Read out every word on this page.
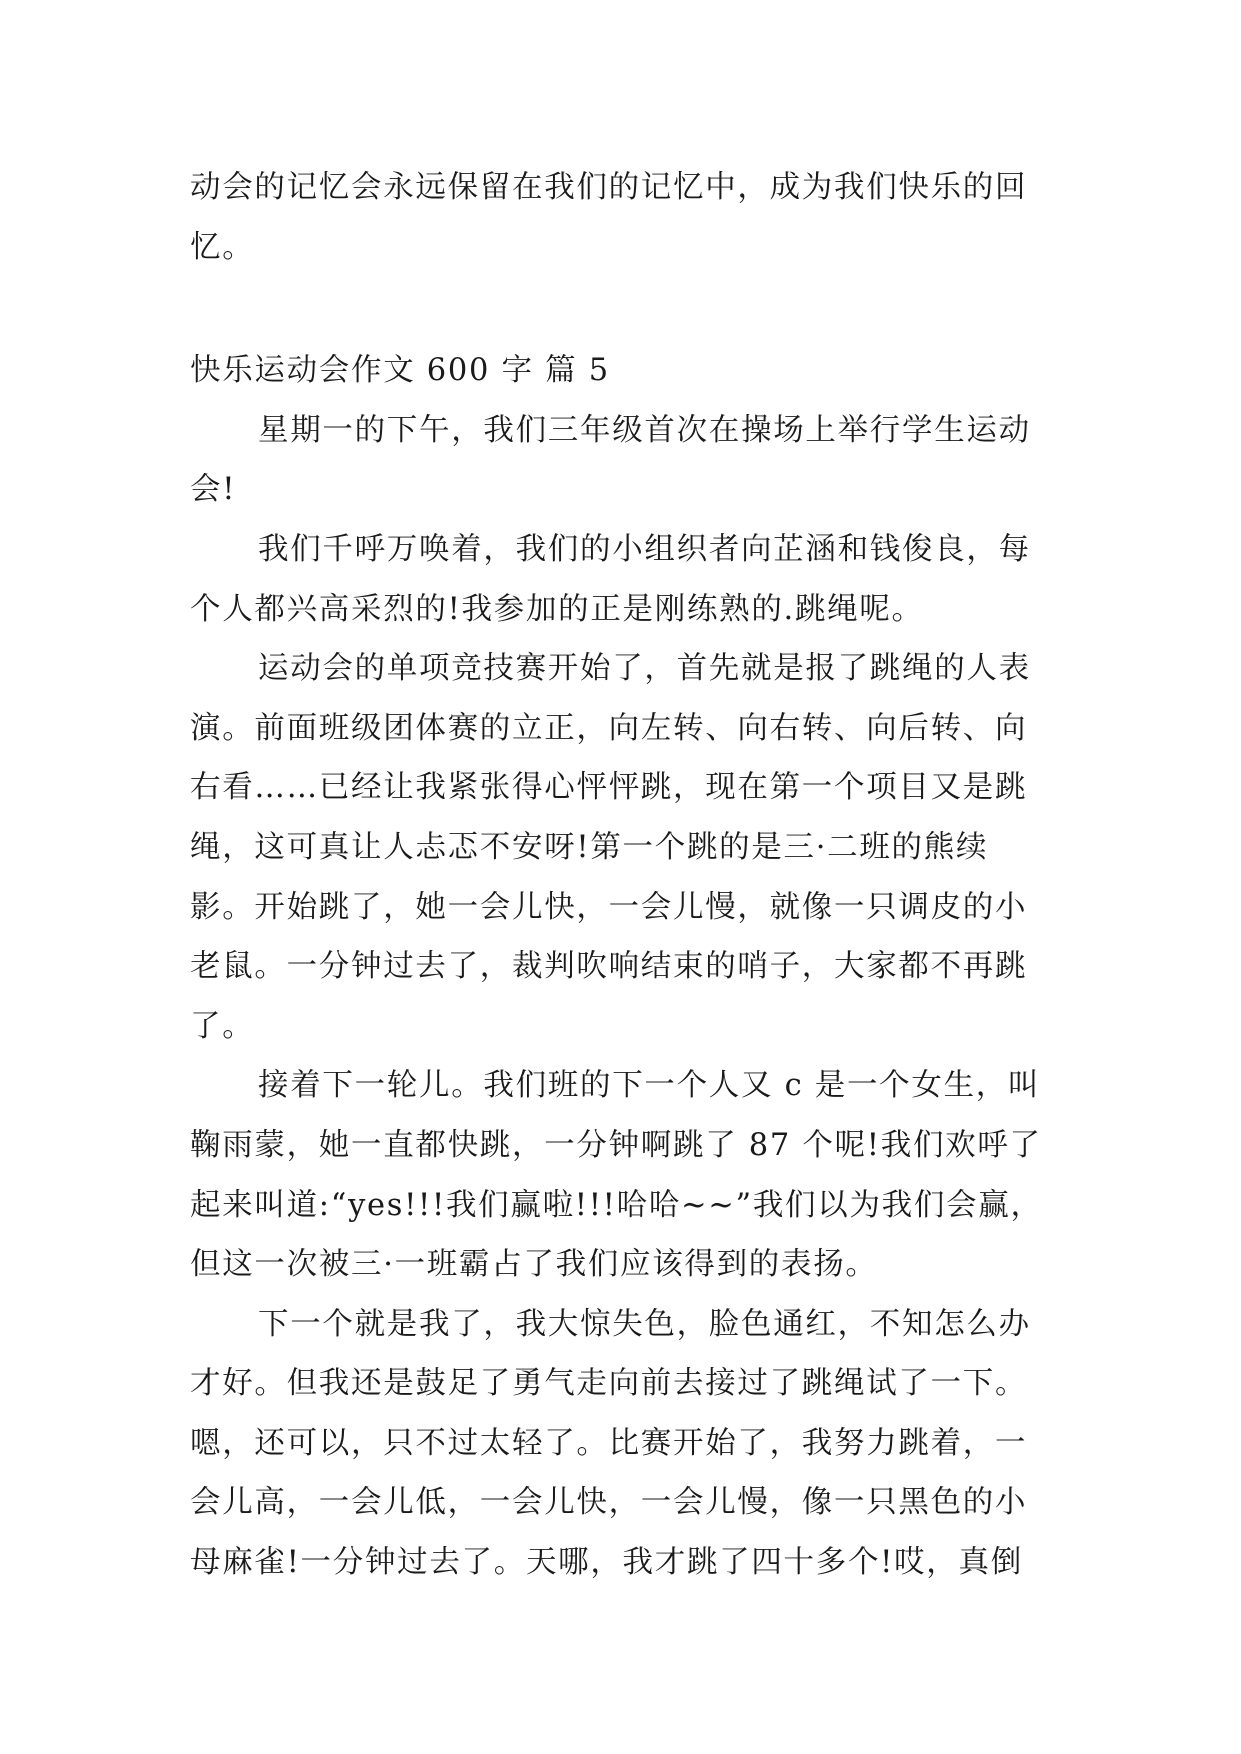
动会的记忆会永远保留在我们的记忆中，成为我们快乐的回
忆。
快乐运动会作文 600 字 篇 5
星期一的下午，我们三年级首次在操场上举行学生运动
会!
我们千呼万唤着，我们的小组织者向芷涵和钱俊良，每
个人都兴高采烈的!我参加的正是刚练熟的.跳绳呢。
运动会的单项竞技赛开始了，首先就是报了跳绳的人表
演。前面班级团体赛的立正，向左转、向右转、向后转、向
右看……已经让我紧张得心怦怦跳，现在第一个项目又是跳
绳，这可真让人忐忑不安呀!第一个跳的是三·二班的熊续
影。开始跳了，她一会儿快，一会儿慢，就像一只调皮的小
老鼠。一分钟过去了，裁判吹响结束的哨子，大家都不再跳
了。
接着下一轮儿。我们班的下一个人又 c 是一个女生，叫
鞠雨蒙，她一直都快跳，一分钟啊跳了 87 个呢!我们欢呼了
起来叫道:“yes!!!我们赢啦!!!哈哈~~”我们以为我们会赢，
但这一次被三·一班霸占了我们应该得到的表扬。
下一个就是我了，我大惊失色，脸色通红，不知怎么办
才好。但我还是鼓足了勇气走向前去接过了跳绳试了一下。
嗯，还可以，只不过太轻了。比赛开始了，我努力跳着，一
会儿高，一会儿低，一会儿快，一会儿慢，像一只黑色的小
母麻雀!一分钟过去了。天哪，我才跳了四十多个!哎，真倒
